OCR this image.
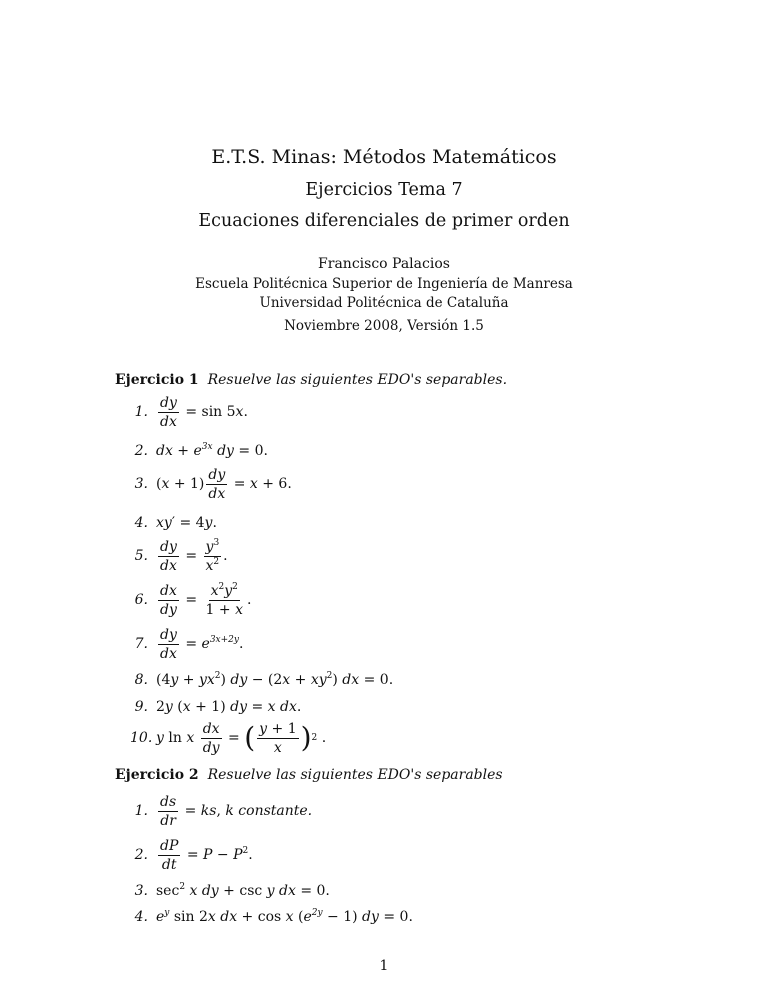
E.T.S. Minas: Métodos Matemáticos
Ejercicios Tema 7
Ecuaciones diferenciales de primer orden
Francisco Palacios
Escuela Politécnica Superior de Ingeniería de Manresa
Universidad Politécnica de Cataluña
Noviembre 2008, Versión 1.5
Ejercicio 1 Resuelve las siguientes EDO's separables.
1. $\frac{dy}{dx} = \sin 5x$.
2. dx + $e^{3x}$ dy = 0.
3. $(x + 1) \frac{dy}{dx} = x + 6$.
4. xy′ = 4y.
5. $\frac{dy}{dx} = \frac{y^3}{x^2}$ .
6. $\frac{dx}{dy} = \frac{x^2y^2}{1 + x}$ .
7. $\frac{dy}{dx} = e^{3x+2y}$.
8. $(4y + yx^2)$ dy − $(2x + xy^2)$ dx = 0.
9. 2y (x + 1) dy = x dx.
10. y ln x $\frac{dx}{dy}$ = ( $\frac{y + 1}{x}$ ) 2 .
Ejercicio 2 Resuelve las siguientes EDO's separables
1. $\frac{ds}{dr}$ = ks, k constante.
2. $\frac{dP}{dt} = P - P^2$.
3. $\sec^2 x$ dy + csc y dx = 0.
4. $e^y$ sin 2x dx + cos x $(e^{2y} - 1)$ dy = 0.
1
